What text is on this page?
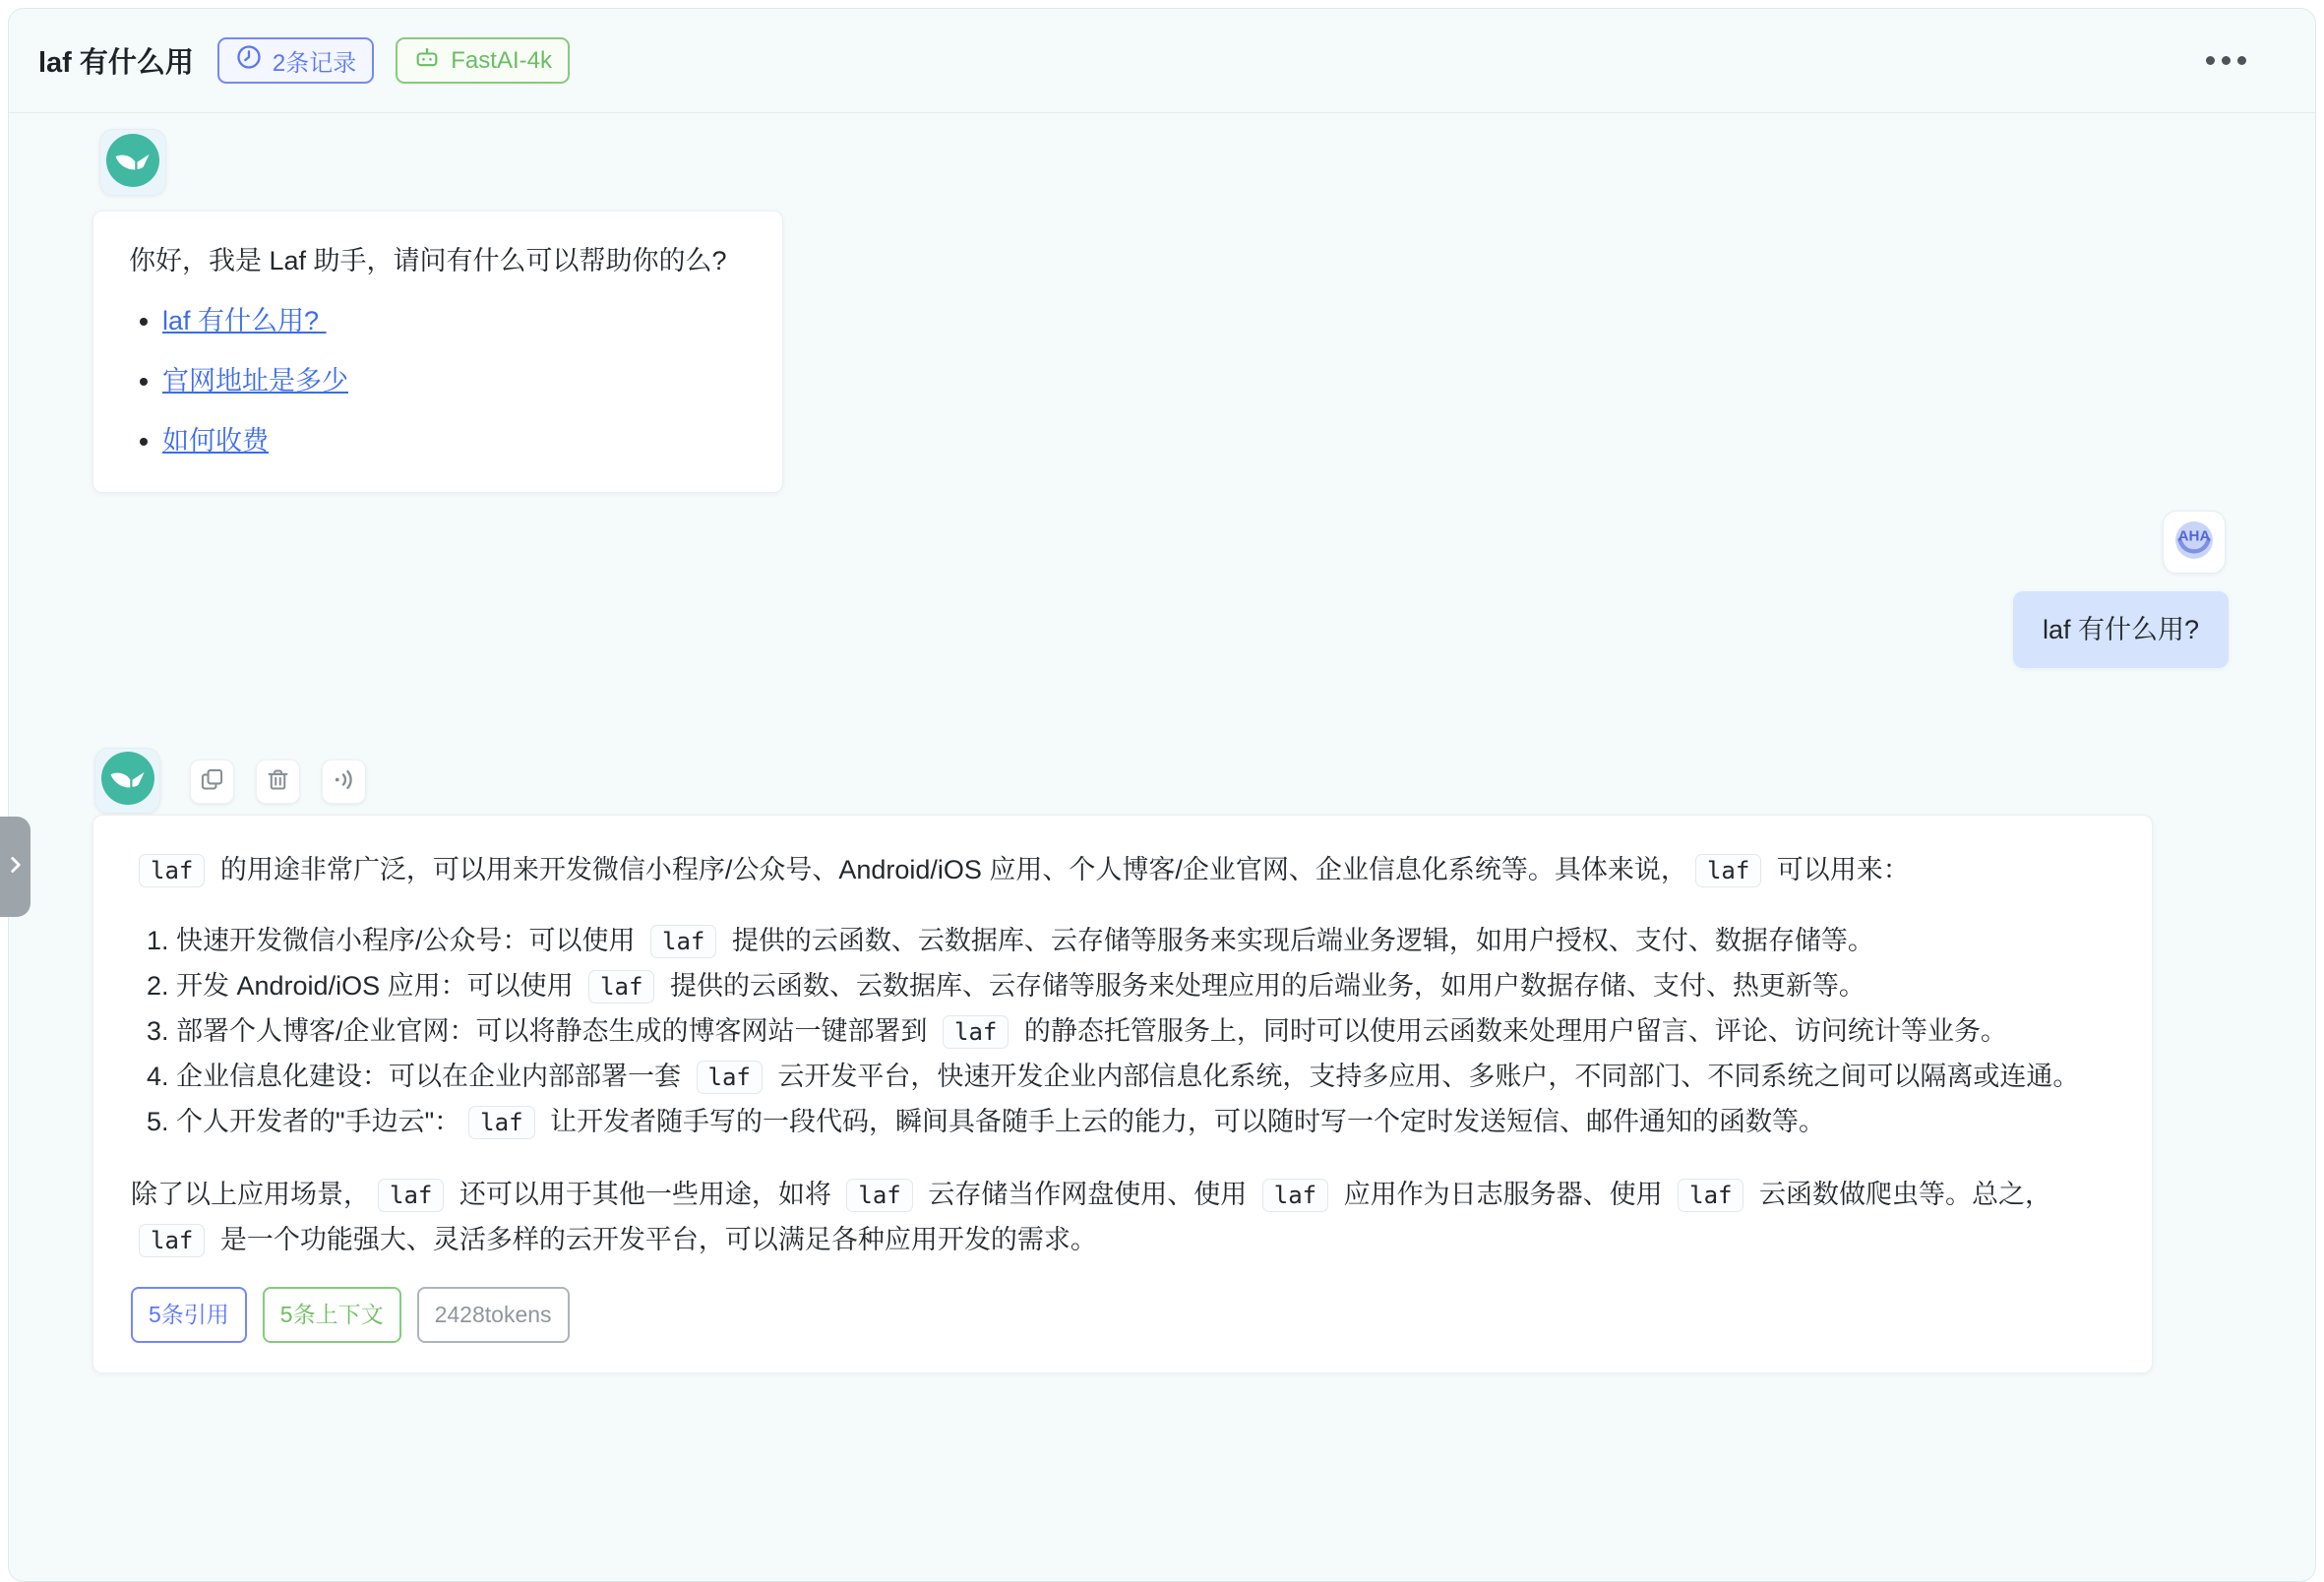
laf 有什么用	2条记录	FastAI-4k
你好，我是 Laf 助手，请问有什么可以帮助你的么?
• laf 有什么用?
• 官网地址是多少
• 如何收费
AHA
laf 有什么用?

laf 的用途非常广泛，可以用来开发微信小程序/公众号、Android/iOS 应用、个人博客/企业官网、企业信息化系统等。具体来说， laf 可以用来：

1. 快速开发微信小程序/公众号：可以使用 laf 提供的云函数、云数据库、云存储等服务来实现后端业务逻辑，如用户授权、支付、数据存储等。
2. 开发 Android/iOS 应用：可以使用 laf 提供的云函数、云数据库、云存储等服务来处理应用的后端业务，如用户数据存储、支付、热更新等。
3. 部署个人博客/企业官网：可以将静态生成的博客网站一键部署到 laf 的静态托管服务上，同时可以使用云函数来处理用户留言、评论、访问统计等业务。
4. 企业信息化建设：可以在企业内部部署一套 laf 云开发平台，快速开发企业内部信息化系统，支持多应用、多账户，不同部门、不同系统之间可以隔离或连通。
5. 个人开发者的"手边云"： laf 让开发者随手写的一段代码，瞬间具备随手上云的能力，可以随时写一个定时发送短信、邮件通知的函数等。

除了以上应用场景， laf 还可以用于其他一些用途，如将 laf 云存储当作网盘使用、使用 laf 应用作为日志服务器、使用 laf 云函数做爬虫等。总之，laf 是一个功能强大、灵活多样的云开发平台，可以满足各种应用开发的需求。

5条引用	5条上下文	2428tokens
